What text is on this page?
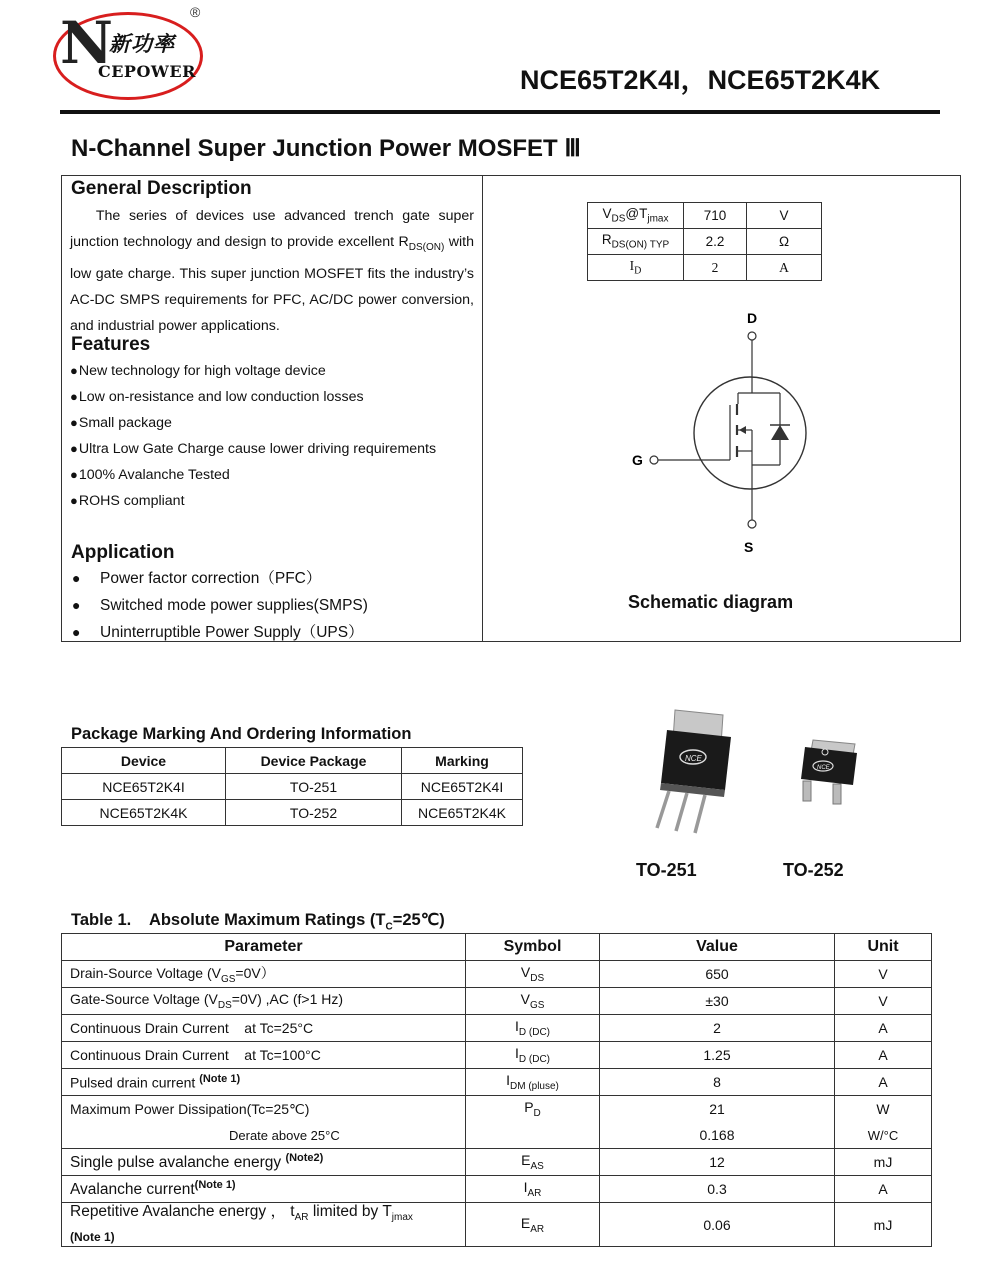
N
新功率
CEPOWER
®
NCE65T2K4I，NCE65T2K4K
N-Channel Super Junction Power MOSFET Ⅲ
General Description
The series of devices use advanced trench gate super junction technology and design to provide excellent $R_{DS(ON)}$ with low gate charge. This super junction MOSFET fits the industry’s AC-DC SMPS requirements for PFC, AC/DC power conversion, and industrial power applications.
Features
● New technology for high voltage device
● Low on-resistance and low conduction losses
● Small package
● Ultra Low Gate Charge cause lower driving requirements
● 100% Avalanche Tested
● ROHS compliant
Application
● Power factor correction（PFC）
● Switched mode power supplies(SMPS)
● Uninterruptible Power Supply（UPS）
$V_{DS}@T_{jmax}$	710	V
$R_{DS(ON) TYP}$	2.2	Ω
$I_D$	2	A
D
S
G
Schematic diagram
Package Marking And Ordering Information
Device	Device Package	Marking
NCE65T2K4I	TO-251	NCE65T2K4I
NCE65T2K4K	TO-252	NCE65T2K4K
NCE
NCE
TO-251	TO-252
Table 1.    Absolute Maximum Ratings $(T_C=25℃)$
Parameter	Symbol	Value	Unit
Drain-Source Voltage $(V_{GS}=0V)$	$V_{DS}$	650	V
Gate-Source Voltage $(V_{DS}=0V)$ ,AC (f>1 Hz)	$V_{GS}$	±30	V
Continuous Drain Current    at Tc=25°C	$I_{D (DC)}$	2	A
Continuous Drain Current    at Tc=100°C	$I_{D (DC)}$	1.25	A
Pulsed drain current $^{(Note 1)}$	$I_{DM (pluse)}$	8	A
Maximum Power Dissipation(Tc=25℃)	$P_D$	21	W
Derate above 25°C		0.168	W/°C
Single pulse avalanche energy $^{(Note2)}$	$E_{AS}$	12	mJ
Avalanche current$^{(Note 1)}$	$I_{AR}$	0.3	A
Repetitive Avalanche energy ， $t_{AR}$ limited by $T_{jmax}$
(Note 1)	$E_{AR}$	0.06	mJ
